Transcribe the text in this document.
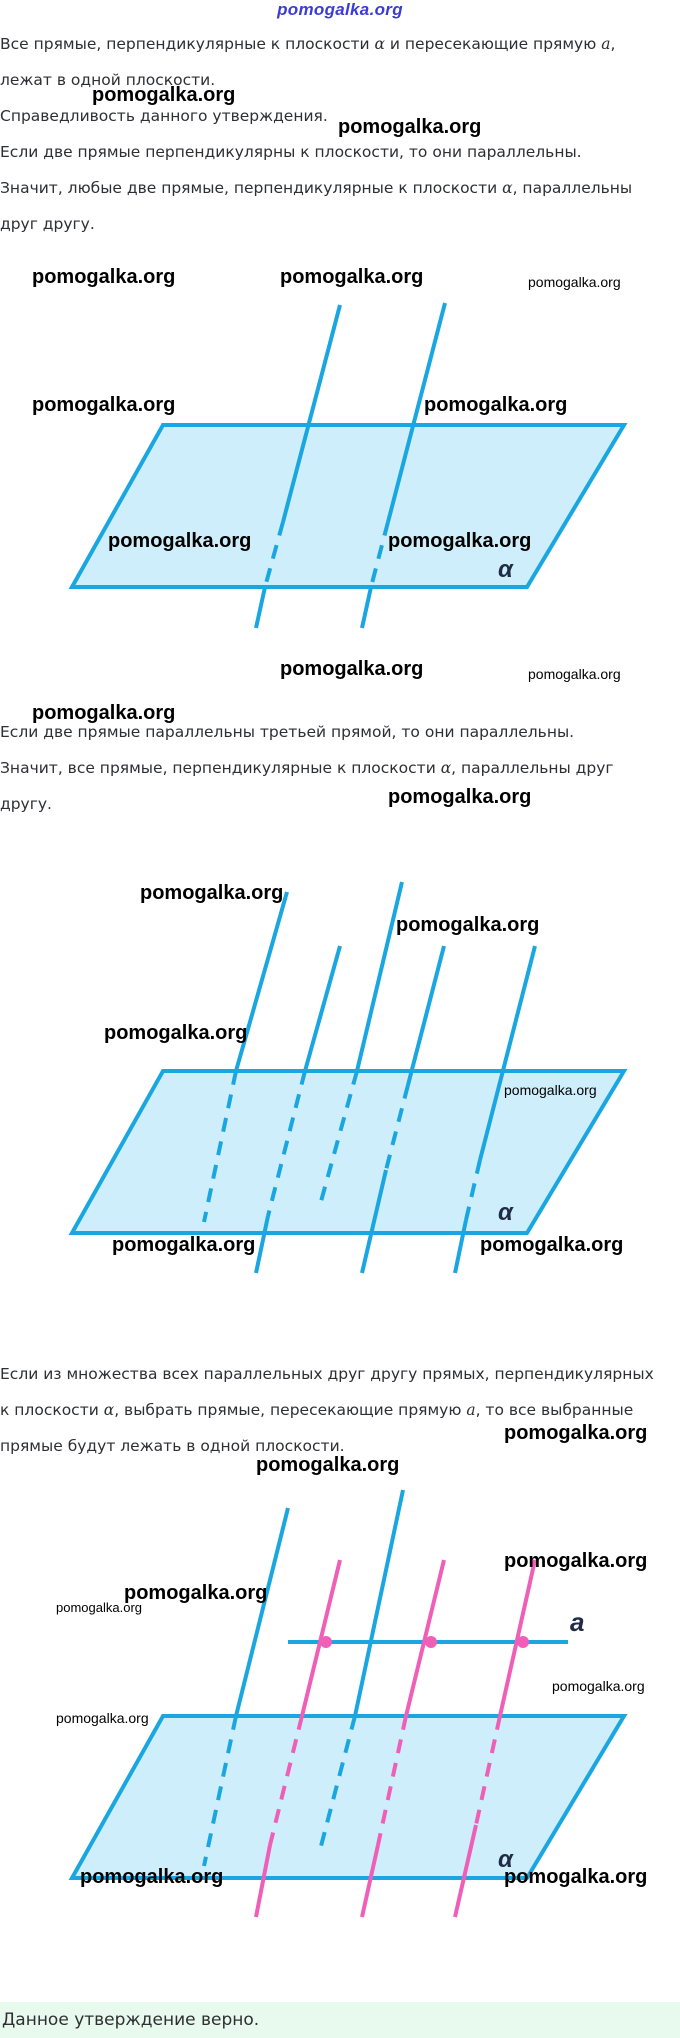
pomogalka.org

Все прямые, перпендикулярные к плоскости α и пересекающие прямую a,

лежат в одной плоскости.

Справедливость данного утверждения.

Если две прямые перпендикулярны к плоскости, то они параллельны.

Значит, любые две прямые, перпендикулярные к плоскости α, параллельны

друг другу.

α

Если две прямые параллельны третьей прямой, то они параллельны.

Значит, все прямые, перпендикулярные к плоскости α, параллельны друг

другу.

α

Если из множества всех параллельных друг другу прямых, перпендикулярных

к плоскости α, выбрать прямые, пересекающие прямую a, то все выбранные

прямые будут лежать в одной плоскости.

a
α
pomogalka.org
pomogalka.org
pomogalka.org	pomogalka.org	pomogalka.org
pomogalka.org	pomogalka.org
pomogalka.org	pomogalka.org
pomogalka.org	pomogalka.org
pomogalka.org
pomogalka.org
pomogalka.org
pomogalka.org
pomogalka.org
pomogalka.org
pomogalka.org	pomogalka.org
pomogalka.org
pomogalka.org
pomogalka.org
pomogalka.org
pomogalka.org
pomogalka.org
pomogalka.org
pomogalka.org	pomogalka.org
Данное утверждение верно.
